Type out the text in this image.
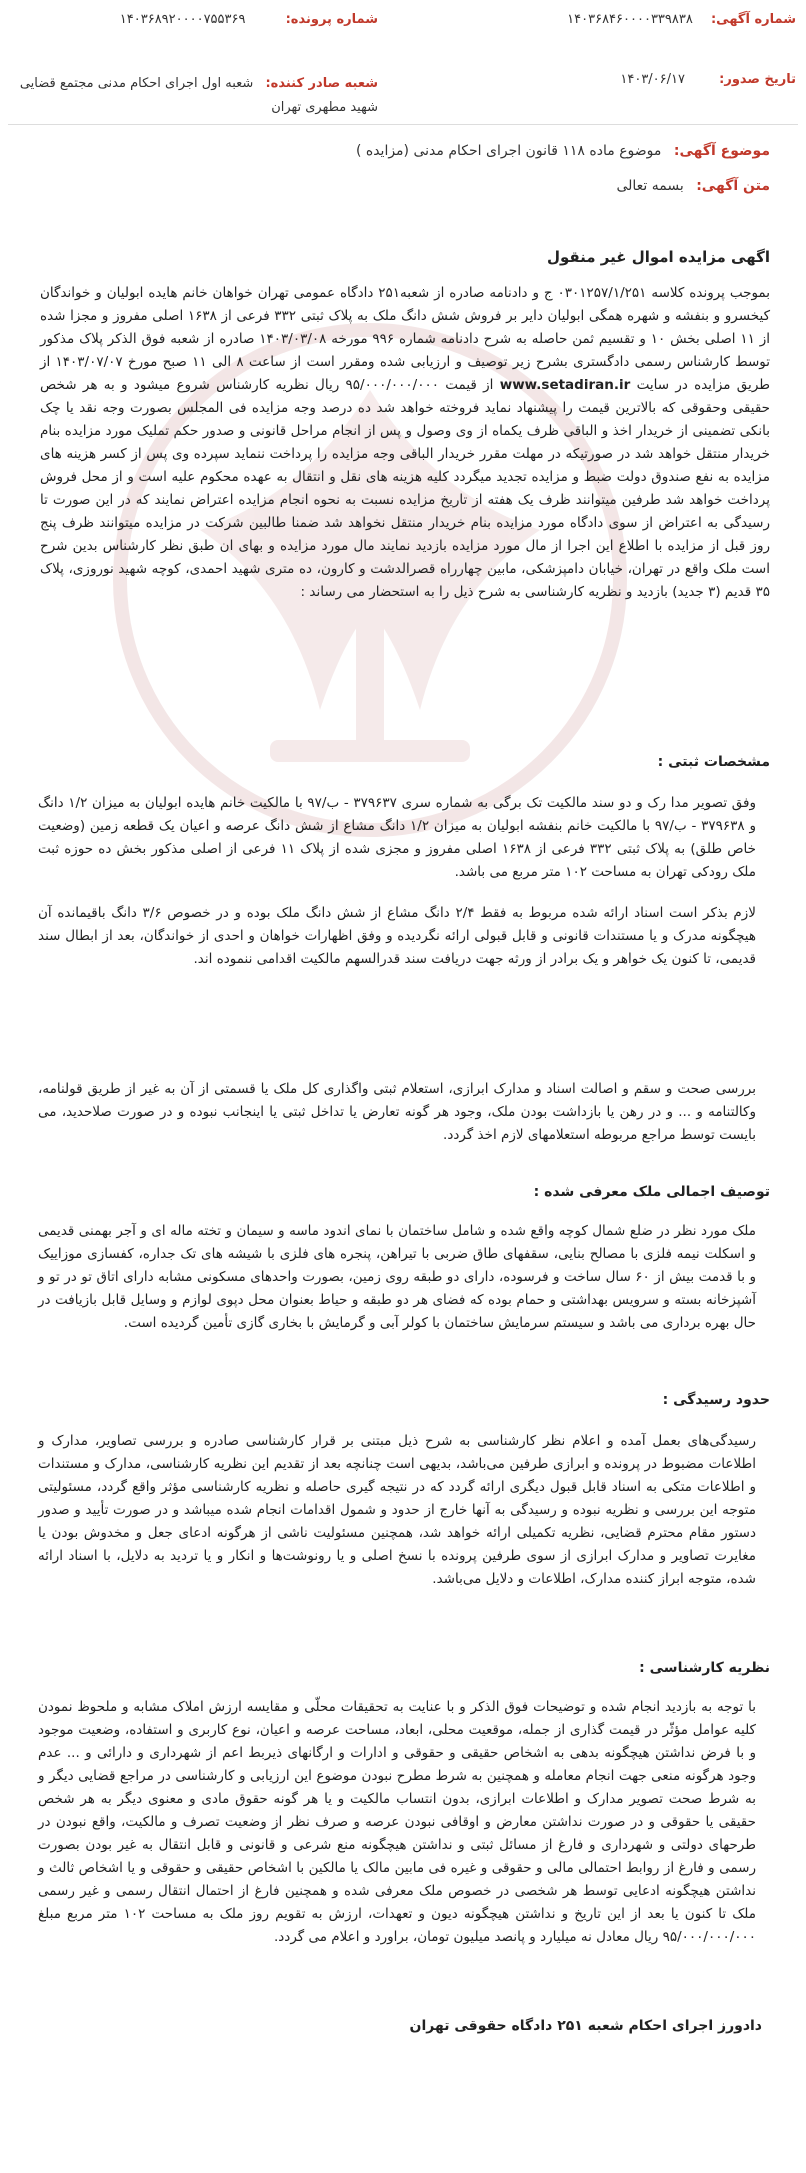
شماره آگهی: ۱۴۰۳۶۸۴۶۰۰۰۰۳۳۹۸۳۸
شماره پرونده: ۱۴۰۳۶۸۹۲۰۰۰۰۷۵۵۳۶۹
تاریخ صدور: ۱۴۰۳/۰۶/۱۷
شعبه صادر کننده: شعبه اول اجرای احکام مدنی مجتمع قضایی شهید مطهری تهران
موضوع آگهی: موضوع ماده ۱۱۸ قانون اجرای احکام مدنی (مزایده )
متن آگهی: بسمه تعالی
اگهی مزایده اموال غیر منقول
بموجب پرونده کلاسه ۰۳۰۱۲۵۷/۱/۲۵۱ ج و دادنامه صادره از شعبه۲۵۱ دادگاه عمومی تهران خواهان خانم هایده ابولیان و خواندگان کیخسرو و بنفشه و شهره همگی ابولیان دایر بر فروش شش دانگ ملک به پلاک ثبتی ۳۳۲ فرعی از ۱۶۳۸ اصلی مفروز و مجزا شده از ۱۱ اصلی بخش ۱۰ و تقسیم ثمن حاصله به شرح دادنامه شماره ۹۹۶ مورخه ۱۴۰۳/۰۳/۰۸ صادره از شعبه فوق الذکر پلاک مذکور توسط کارشناس رسمی دادگستری بشرح زیر توصیف و ارزیابی شده ومقرر است از ساعت ۸ الی ۱۱ صبح مورخ ۱۴۰۳/۰۷/۰۷ از طریق مزایده در سایت www.setadiran.ir از قیمت ۹۵/۰۰۰/۰۰۰/۰۰۰ ریال نظریه کارشناس شروع میشود و به هر شخص حقیقی وحقوقی که بالاترین قیمت را پیشنهاد نماید فروخته خواهد شد ده درصد وجه مزایده فی المجلس بصورت وجه نقد یا چک بانکی تضمینی از خریدار اخذ و الباقی ظرف یکماه از وی وصول و پس از انجام مراحل قانونی و صدور حکم تملیک مورد مزایده بنام خریدار منتقل خواهد شد در صورتیکه در مهلت مقرر خریدار الباقی وجه مزایده را پرداخت ننماید سپرده وی پس از کسر هزینه های مزایده به نفع صندوق دولت ضبط و مزایده تجدید میگردد کلیه هزینه های نقل و انتقال به عهده محکوم علیه است و از محل فروش پرداخت خواهد شد طرفین میتوانند ظرف یک هفته از تاریخ مزایده نسبت به نحوه انجام مزایده اعتراض نمایند که در این صورت تا رسیدگی به اعتراض از سوی دادگاه مورد مزایده بنام خریدار منتقل نخواهد شد ضمنا طالبین شرکت در مزایده میتوانند ظرف پنج روز قبل از مزایده با اطلاع این اجرا از مال مورد مزایده بازدید نمایند مال مورد مزایده و بهای ان طبق نظر کارشناس بدین شرح است ملک واقع در تهران، خیابان دامپزشکی، مابین چهارراه قصرالدشت و کارون، ده متری شهید احمدی، کوچه شهید نوروزی، پلاک ۳۵ قدیم (۳ جدید) بازدید و نظریه کارشناسی به شرح ذیل را به استحضار می رساند :
مشخصات ثبتی :
وفق تصویر مدا رک و دو سند مالکیت تک برگی به شماره سری ۳۷۹۶۳۷ - ب/۹۷ با مالکیت خانم هایده ابولیان به میزان ۱/۲ دانگ و ۳۷۹۶۳۸ - ب/۹۷ با مالکیت خانم بنفشه ابولیان به میزان ۱/۲ دانگ مشاع از شش دانگ عرصه و اعیان یک قطعه زمین (وضعیت خاص طلق) به پلاک ثبتی ۳۳۲ فرعی از ۱۶۳۸ اصلی مفروز و مجزی شده از پلاک ۱۱ فرعی از اصلی مذکور بخش ده حوزه ثبت ملک رودکی تهران به مساحت ۱۰۲ متر مربع می باشد.
لازم بذکر است اسناد ارائه شده مربوط به فقط ۲/۴ دانگ مشاع از شش دانگ ملک بوده و در خصوص ۳/۶ دانگ باقیمانده آن هیچگونه مدرک و یا مستندات قانونی و قابل قبولی ارائه نگردیده و وفق اظهارات خواهان و احدی از خواندگان، بعد از ابطال سند قدیمی، تا کنون یک خواهر و یک برادر از ورثه جهت دریافت سند قدرالسهم مالکیت اقدامی ننموده اند.
بررسی صحت و سقم و اصالت اسناد و مدارک ابرازی، استعلام ثبتی واگذاری کل ملک یا قسمتی از آن به غیر از طریق قولنامه، وکالتنامه و ... و در رهن یا بازداشت بودن ملک، وجود هر گونه تعارض یا تداخل ثبتی یا اینجانب نبوده و در صورت صلاحدید، می بایست توسط مراجع مربوطه استعلامهای لازم اخذ گردد.
توصیف اجمالی ملک معرفی شده :
ملک مورد نظر در ضلع شمال کوچه واقع شده و شامل ساختمان با نمای اندود ماسه و سیمان و تخته ماله ای و آجر بهمنی قدیمی و اسکلت نیمه فلزی با مصالح بنایی، سقفهای طاق ضربی با تیراهن، پنجره های فلزی با شیشه های تک جداره، کفسازی موزاییک و با قدمت بیش از ۶۰ سال ساخت و فرسوده، دارای دو طبقه روی زمین، بصورت واحدهای مسکونی مشابه دارای اتاق تو در تو و آشپزخانه بسته و سرویس بهداشتی و حمام بوده که فضای هر دو طبقه و حیاط بعنوان محل دپوی لوازم و وسایل قابل بازیافت در حال بهره برداری می باشد و سیستم سرمایش ساختمان با کولر آبی و گرمایش با بخاری گازی تأمین گردیده است.
حدود رسیدگی :
رسیدگی‌های بعمل آمده و اعلام نظر کارشناسی به شرح ذیل مبتنی بر قرار کارشناسی صادره و بررسی تصاویر، مدارک و اطلاعات مضبوط در پرونده و ابرازی طرفین می‌باشد، بدیهی است چنانچه بعد از تقدیم این نظریه کارشناسی، مدارک و مستندات و اطلاعات متکی به اسناد قابل قبول دیگری ارائه گردد که در نتیجه گیری حاصله و نظریه کارشناسی مؤثر واقع گردد، مسئولیتی متوجه این بررسی و نظریه نبوده و رسیدگی به آنها خارج از حدود و شمول اقدامات انجام شده میباشد و در صورت تأیید و صدور دستور مقام محترم قضایی، نظریه تکمیلی ارائه خواهد شد، همچنین مسئولیت ناشی از هرگونه ادعای جعل و مخدوش بودن یا مغایرت تصاویر و مدارک ابرازی از سوی طرفین پرونده با نسخ اصلی و یا رونوشت‌ها و انکار و یا تردید به دلایل، با اسناد ارائه شده، متوجه ابراز کننده مدارک، اطلاعات و دلایل می‌باشد.
نظریه کارشناسی :
با توجه به بازدید انجام شده و توضیحات فوق الذکر و با عنایت به تحقیقات محلّی و مقایسه ارزش املاک مشابه و ملحوظ نمودن کلیه عوامل مؤثّر در قیمت گذاری از جمله، موقعیت محلی، ابعاد، مساحت عرصه و اعیان، نوع کاربری و استفاده، وضعیت موجود و با فرض نداشتن هیچگونه بدهی به اشخاص حقیقی و حقوقی و ادارات و ارگانهای ذیربط اعم از شهرداری و دارائی و ... عدم وجود هرگونه منعی جهت انجام معامله و همچنین به شرط مطرح نبودن موضوع این ارزیابی و کارشناسی در مراجع قضایی دیگر و به شرط صحت تصویر مدارک و اطلاعات ابرازی، بدون انتساب مالکیت و یا هر گونه حقوق مادی و معنوی دیگر به هر شخص حقیقی یا حقوقی و در صورت نداشتن معارض و اوقافی نبودن عرصه و صرف نظر از وضعیت تصرف و مالکیت، واقع نبودن در طرحهای دولتی و شهرداری و فارغ از مسائل ثبتی و نداشتن هیچگونه منع شرعی و قانونی و قابل انتقال به غیر بودن بصورت رسمی و فارغ از روابط احتمالی مالی و حقوقی و غیره فی مابین مالک یا مالکین با اشخاص حقیقی و حقوقی و یا اشخاص ثالث و نداشتن هیچگونه ادعایی توسط هر شخصی در خصوص ملک معرفی شده و همچنین فارغ از احتمال انتقال رسمی و غیر رسمی ملک تا کنون یا بعد از این تاریخ و نداشتن هیچگونه دیون و تعهدات، ارزش به تقویم روز ملک به مساحت ۱۰۲ متر مربع مبلغ ۹۵/۰۰۰/۰۰۰/۰۰۰ ریال معادل نه میلیارد و پانصد میلیون تومان، براورد و اعلام می گردد.
دادورز اجرای احکام شعبه ۲۵۱ دادگاه حقوقی تهران
